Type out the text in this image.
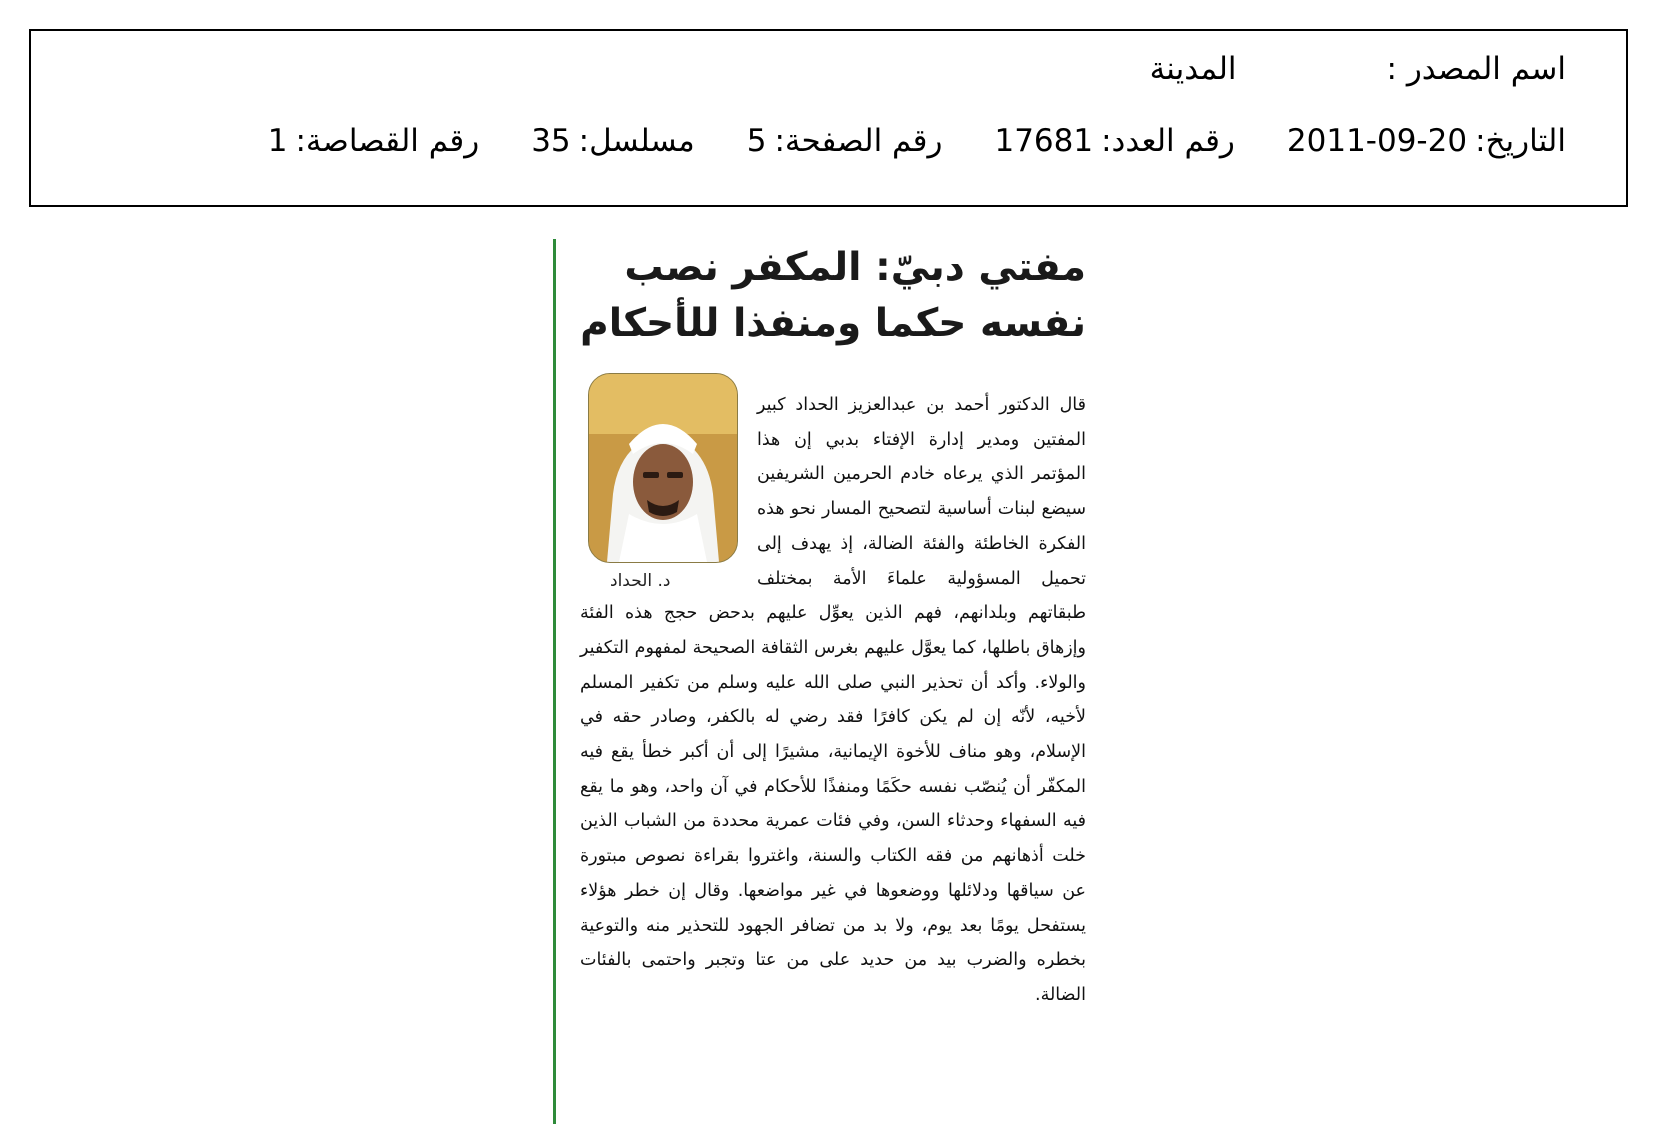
اسم المصدر :
المدينة
التاريخ:
2011-09-20
رقم العدد:
17681
رقم الصفحة:
5
مسلسل:
35
رقم القصاصة:
1
مفتي دبيّ: المكفر نصب نفسه حكما ومنفذا للأحكام
د. الحداد
قال الدكتور أحمد بن عبدالعزيز الحداد كبير المفتين ومدير إدارة الإفتاء بدبي إن هذا المؤتمر الذي يرعاه خادم الحرمين الشريفين سيضع لبنات أساسية لتصحيح المسار نحو هذه الفكرة الخاطئة والفئة الضالة، إذ يهدف إلى تحميل المسؤولية علماءَ الأمة بمختلف طبقاتهم وبلدانهم، فهم الذين يعوِّل عليهم بدحض حجج هذه الفئة وإزهاق باطلها، كما يعوَّل عليهم بغرس الثقافة الصحيحة لمفهوم التكفير والولاء. وأكد أن تحذير النبي صلى الله عليه وسلم من تكفير المسلم لأخيه، لأنّه إن لم يكن كافرًا فقد رضي له بالكفر، وصادر حقه في الإسلام، وهو مناف للأخوة الإيمانية، مشيرًا إلى أن أكبر خطأ يقع فيه المكفّر أن يُنصّب نفسه حكَمًا ومنفذًا للأحكام في آن واحد، وهو ما يقع فيه السفهاء وحدثاء السن، وفي فئات عمرية محددة من الشباب الذين خلت أذهانهم من فقه الكتاب والسنة، واغتروا بقراءة نصوص مبتورة عن سياقها ودلائلها ووضعوها في غير مواضعها. وقال إن خطر هؤلاء يستفحل يومًا بعد يوم، ولا بد من تضافر الجهود للتحذير منه والتوعية بخطره والضرب بيد من حديد على من عتا وتجبر واحتمى بالفئات الضالة.
